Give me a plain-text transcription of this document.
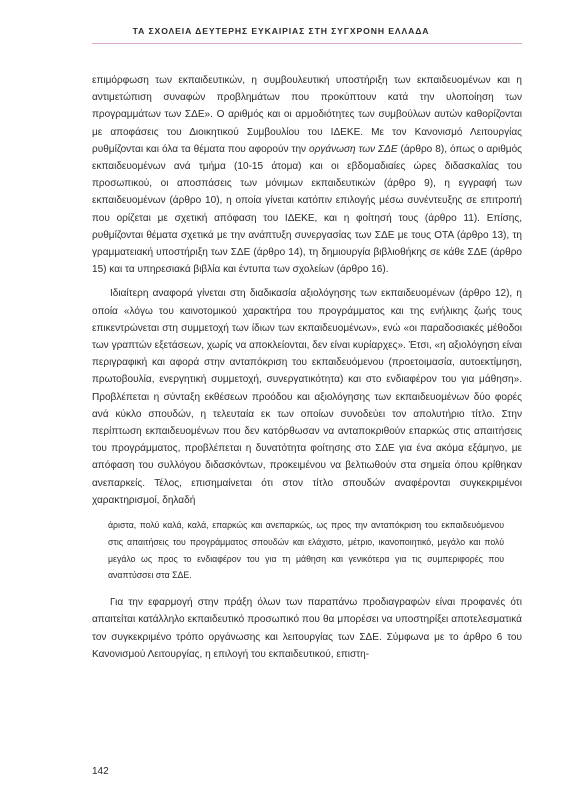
ΤΑ ΣΧΟΛΕΙΑ ΔΕΥΤΕΡΗΣ ΕΥΚΑΙΡΙΑΣ ΣΤΗ ΣΥΓΧΡΟΝΗ ΕΛΛΑΔΑ

επιμόρφωση των εκπαιδευτικών, η συμβουλευτική υποστήριξη των εκπαιδευομένων και η αντιμετώπιση συναφών προβλημάτων που προκύπτουν κατά την υλοποίηση των προγραμμάτων των ΣΔΕ». Ο αριθμός και οι αρμοδιότητες των συμβούλων αυτών καθορίζονται με αποφάσεις του Διοικητικού Συμβουλίου του ΙΔΕΚΕ. Με τον Κανονισμό Λειτουργίας ρυθμίζονται και όλα τα θέματα που αφορούν την οργάνωση των ΣΔΕ (άρθρο 8), όπως ο αριθμός εκπαιδευομένων ανά τμήμα (10-15 άτομα) και οι εβδομαδιαίες ώρες διδασκαλίας του προσωπικού, οι αποσπάσεις των μόνιμων εκπαιδευτικών (άρθρο 9), η εγγραφή των εκπαιδευομένων (άρθρο 10), η οποία γίνεται κατόπιν επιλογής μέσω συνέντευξης σε επιτροπή που ορίζεται με σχετική απόφαση του ΙΔΕΚΕ, και η φοίτησή τους (άρθρο 11). Επίσης, ρυθμίζονται θέματα σχετικά με την ανάπτυξη συνεργασίας των ΣΔΕ με τους ΟΤΑ (άρθρο 13), τη γραμματειακή υποστήριξη των ΣΔΕ (άρθρο 14), τη δημιουργία βιβλιοθήκης σε κάθε ΣΔΕ (άρθρο 15) και τα υπηρεσιακά βιβλία και έντυπα των σχολείων (άρθρο 16).

Ιδιαίτερη αναφορά γίνεται στη διαδικασία αξιολόγησης των εκπαιδευομένων (άρθρο 12), η οποία «λόγω του καινοτομικού χαρακτήρα του προγράμματος και της ενήλικης ζωής τους επικεντρώνεται στη συμμετοχή των ίδιων των εκπαιδευομένων», ενώ «οι παραδοσιακές μέθοδοι των γραπτών εξετάσεων, χωρίς να αποκλείονται, δεν είναι κυρίαρχες». Έτσι, «η αξιολόγηση είναι περιγραφική και αφορά στην ανταπόκριση του εκπαιδευόμενου (προετοιμασία, αυτοεκτίμηση, πρωτοβουλία, ενεργητική συμμετοχή, συνεργατικότητα) και στο ενδιαφέρον του για μάθηση». Προβλέπεται η σύνταξη εκθέσεων προόδου και αξιολόγησης των εκπαιδευομένων δύο φορές ανά κύκλο σπουδών, η τελευταία εκ των οποίων συνοδεύει τον απολυτήριο τίτλο. Στην περίπτωση εκπαιδευομένων που δεν κατόρθωσαν να ανταποκριθούν επαρκώς στις απαιτήσεις του προγράμματος, προβλέπεται η δυνατότητα φοίτησης στο ΣΔΕ για ένα ακόμα εξάμηνο, με απόφαση του συλλόγου διδασκόντων, προκειμένου να βελτιωθούν στα σημεία όπου κρίθηκαν ανεπαρκείς. Τέλος, επισημαίνεται ότι στον τίτλο σπουδών αναφέρονται συγκεκριμένοι χαρακτηρισμοί, δηλαδή

άριστα, πολύ καλά, καλά, επαρκώς και ανεπαρκώς, ως προς την ανταπόκριση του εκπαιδευόμενου στις απαιτήσεις του προγράμματος σπουδών και ελάχιστο, μέτριο, ικανοποιητικό, μεγάλο και πολύ μεγάλο ως προς το ενδιαφέρον του για τη μάθηση και γενικότερα για τις συμπεριφορές που αναπτύσσει στα ΣΔΕ.

Για την εφαρμογή στην πράξη όλων των παραπάνω προδιαγραφών είναι προφανές ότι απαιτείται κατάλληλο εκπαιδευτικό προσωπικό που θα μπορέσει να υποστηρίξει αποτελεσματικά τον συγκεκριμένο τρόπο οργάνωσης και λειτουργίας των ΣΔΕ. Σύμφωνα με το άρθρο 6 του Κανονισμού Λειτουργίας, η επιλογή του εκπαιδευτικού, επιστη-

142
